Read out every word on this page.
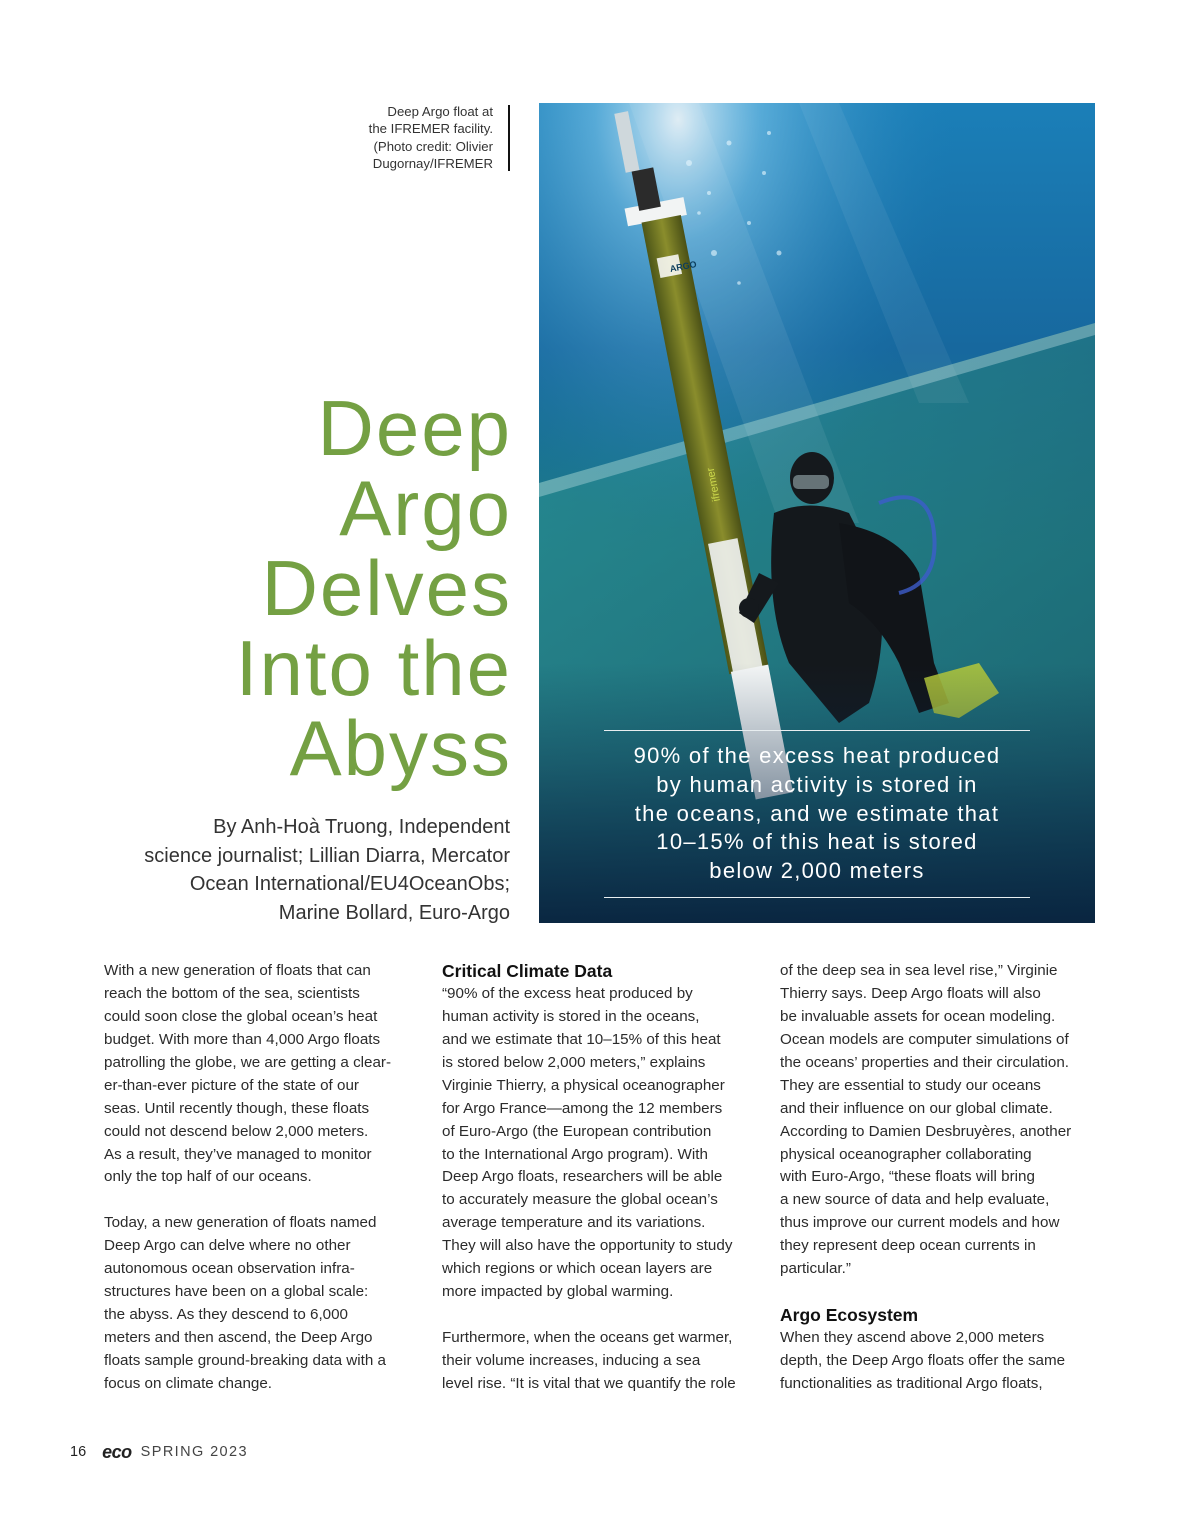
Deep Argo float at
the IFREMER facility.
(Photo credit: Olivier
Dugornay/IFREMER
ARGO
ifremer
90% of the excess heat produced
by human activity is stored in
the oceans, and we estimate that
10–15% of this heat is stored
below 2,000 meters
Deep
Argo
Delves
Into the
Abyss
By Anh-Hoà Truong, Independent
science journalist; Lillian Diarra, Mercator
Ocean International/EU4OceanObs;
Marine Bollard, Euro-Argo
With a new generation of floats that can
reach the bottom of the sea, scientists
could soon close the global ocean’s heat
budget. With more than 4,000 Argo floats
patrolling the globe, we are getting a clear-
er-than-ever picture of the state of our
seas. Until recently though, these floats
could not descend below 2,000 meters.
As a result, they’ve managed to monitor
only the top half of our oceans.
Today, a new generation of floats named
Deep Argo can delve where no other
autonomous ocean observation infra-
structures have been on a global scale:
the abyss. As they descend to 6,000
meters and then ascend, the Deep Argo
floats sample ground-breaking data with a
focus on climate change.
Critical Climate Data
“90% of the excess heat produced by
human activity is stored in the oceans,
and we estimate that 10–15% of this heat
is stored below 2,000 meters,” explains
Virginie Thierry, a physical oceanographer
for Argo France—among the 12 members
of Euro-Argo (the European contribution
to the International Argo program). With
Deep Argo floats, researchers will be able
to accurately measure the global ocean’s
average temperature and its variations.
They will also have the opportunity to study
which regions or which ocean layers are
more impacted by global warming.
Furthermore, when the oceans get warmer,
their volume increases, inducing a sea
level rise. “It is vital that we quantify the role
of the deep sea in sea level rise,” Virginie
Thierry says. Deep Argo floats will also
be invaluable assets for ocean modeling.
Ocean models are computer simulations of
the oceans’ properties and their circulation.
They are essential to study our oceans
and their influence on our global climate.
According to Damien Desbruyères, another
physical oceanographer collaborating
with Euro-Argo, “these floats will bring
a new source of data and help evaluate,
thus improve our current models and how
they represent deep ocean currents in
particular.”
Argo Ecosystem
When they ascend above 2,000 meters
depth, the Deep Argo floats offer the same
functionalities as traditional Argo floats,
16 eco SPRING 2023
